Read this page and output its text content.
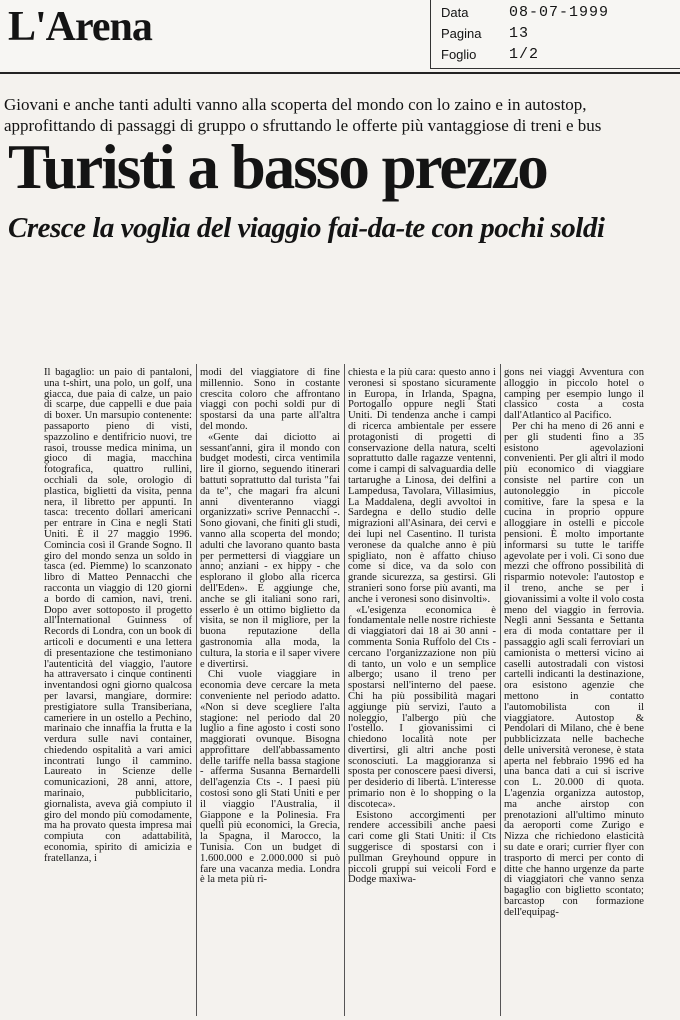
L'Arena	Data	08-07-1999
Pagina 13
Foglio 1/2
Giovani e anche tanti adulti vanno alla scoperta del mondo con lo zaino e in autostop,
approfittando di passaggi di gruppo o sfruttando le offerte più vantaggiose di treni e bus
Turisti a basso prezzo
Cresce la voglia del viaggio fai-da-te con pochi soldi

Il bagaglio: un paio di pantaloni, una t-shirt, una polo, un golf, una giacca, due paia di calze, un paio di scarpe, due cappelli e due paia di boxer. Un marsupio contenente: passaporto pieno di visti, spazzolino e dentifricio nuovi, tre rasoi, trousse medica minima, un gioco di magia, macchina fotografica, quattro rullini, occhiali da sole, orologio di plastica, biglietti da visita, penna nera, il libretto per appunti. In tasca: trecento dollari americani per entrare in Cina e negli Stati Uniti. È il 27 maggio 1996. Comincia così il Grande Sogno. Il giro del mondo senza un soldo in tasca (ed. Piemme) lo scanzonato libro di Matteo Pennacchi che racconta un viaggio di 120 giorni a bordo di camion, navi, treni. Dopo aver sottoposto il progetto all'International Guinness of Records di Londra, con un book di articoli e documenti e una lettera di presentazione che testimoniano l'autenticità del viaggio, l'autore ha attraversato i cinque continenti inventandosi ogni giorno qualcosa per lavarsi, mangiare, dormire: prestigiatore sulla Transiberiana, cameriere in un ostello a Pechino, marinaio che innaffia la frutta e la verdura sulle navi container, chiedendo ospitalità a vari amici incontrati lungo il cammino. Laureato in Scienze delle comunicazioni, 28 anni, attore, marinaio, pubblicitario, giornalista, aveva già compiuto il giro del mondo più comodamente, ma ha provato questa impresa mai compiuta con adattabilità, economia, spirito di amicizia e fratellanza, i

modi del viaggiatore di fine millennio. Sono in costante crescita coloro che affrontano viaggi con pochi soldi pur di spostarsi da una parte all'altra del mondo.

«Gente dai diciotto ai sessant'anni, gira il mondo con budget modesti, circa ventimila lire il giorno, seguendo itinerari battuti soprattutto dal turista "fai da te", che magari fra alcuni anni diventeranno viaggi organizzati» scrive Pennacchi -. Sono giovani, che finiti gli studi, vanno alla scoperta del mondo; adulti che lavorano quanto basta per permettersi di viaggiare un anno; anziani - ex hippy - che esplorano il globo alla ricerca dell'Eden». E aggiunge che, anche se gli italiani sono rari, esserlo è un ottimo biglietto da visita, se non il migliore, per la buona reputazione della gastronomia alla moda, la cultura, la storia e il saper vivere e divertirsi.

Chi vuole viaggiare in economia deve cercare la meta conveniente nel periodo adatto. «Non si deve scegliere l'alta stagione: nel periodo dal 20 luglio a fine agosto i costi sono maggiorati ovunque. Bisogna approfittare dell'abbassamento delle tariffe nella bassa stagione - afferma Susanna Bernardelli dell'agenzia Cts -. I paesi più costosi sono gli Stati Uniti e per il viaggio l'Australia, il Giappone e la Polinesia. Fra quelli più economici, la Grecia, la Spagna, il Marocco, la Tunisia. Con un budget di 1.600.000 e 2.000.000 si può fare una vacanza media. Londra è la meta più ri-

chiesta e la più cara: questo anno i veronesi si spostano sicuramente in Europa, in Irlanda, Spagna, Portogallo oppure negli Stati Uniti. Di tendenza anche i campi di ricerca ambientale per essere protagonisti di progetti di conservazione della natura, scelti soprattutto dalle ragazze ventenni, come i campi di salvaguardia delle tartarughe a Linosa, dei delfini a Lampedusa, Tavolara, Villasimius, La Maddalena, degli avvoltoi in Sardegna e dello studio delle migrazioni all'Asinara, dei cervi e dei lupi nel Casentino. Il turista veronese da qualche anno è più spigliato, non è affatto chiuso come si dice, va da solo con grande sicurezza, sa gestirsi. Gli stranieri sono forse più avanti, ma anche i veronesi sono disinvolti».

«L'esigenza economica è fondamentale nelle nostre richieste di viaggiatori dai 18 ai 30 anni - commenta Sonia Ruffolo del Cts - cercano l'organizzazione non più di tanto, un volo e un semplice albergo; usano il treno per spostarsi nell'interno del paese. Chi ha più possibilità magari aggiunge più servizi, l'auto a noleggio, l'albergo più che l'ostello. I giovanissimi ci chiedono località note per divertirsi, gli altri anche posti sconosciuti. La maggioranza si sposta per conoscere paesi diversi, per desiderio di libertà. L'interesse primario non è lo shopping o la discoteca».

Esistono accorgimenti per rendere accessibili anche paesi cari come gli Stati Uniti: il Cts suggerisce di spostarsi con i pullman Greyhound oppure in piccoli gruppi sui veicoli Ford e Dodge maxiwa-

gons nei viaggi Avventura con alloggio in piccolo hotel o camping per esempio lungo il classico costa a costa dall'Atlantico al Pacifico.

Per chi ha meno di 26 anni e per gli studenti fino a 35 esistono agevolazioni convenienti. Per gli altri il modo più economico di viaggiare consiste nel partire con un autonoleggio in piccole comitive, fare la spesa e la cucina in proprio oppure alloggiare in ostelli e piccole pensioni. È molto importante informarsi su tutte le tariffe agevolate per i voli. Ci sono due mezzi che offrono possibilità di risparmio notevole: l'autostop e il treno, anche se per i giovanissimi a volte il volo costa meno del viaggio in ferrovia. Negli anni Sessanta e Settanta era di moda contattare per il passaggio agli scali ferroviari un camionista o mettersi vicino ai caselli autostradali con vistosi cartelli indicanti la destinazione, ora esistono agenzie che mettono in contatto l'automobilista con il viaggiatore. Autostop & Pendolari di Milano, che è bene pubblicizzata nelle bacheche delle università veronese, è stata aperta nel febbraio 1996 ed ha una banca dati a cui si iscrive con L. 20.000 di quota. L'agenzia organizza autostop, ma anche airstop con prenotazioni all'ultimo minuto da aeroporti come Zurigo e Nizza che richiedono elasticità su date e orari; currier flyer con trasporto di merci per conto di ditte che hanno urgenze da parte di viaggiatori che vanno senza bagaglio con biglietto scontato; barcastop con formazione dell'equipag-
